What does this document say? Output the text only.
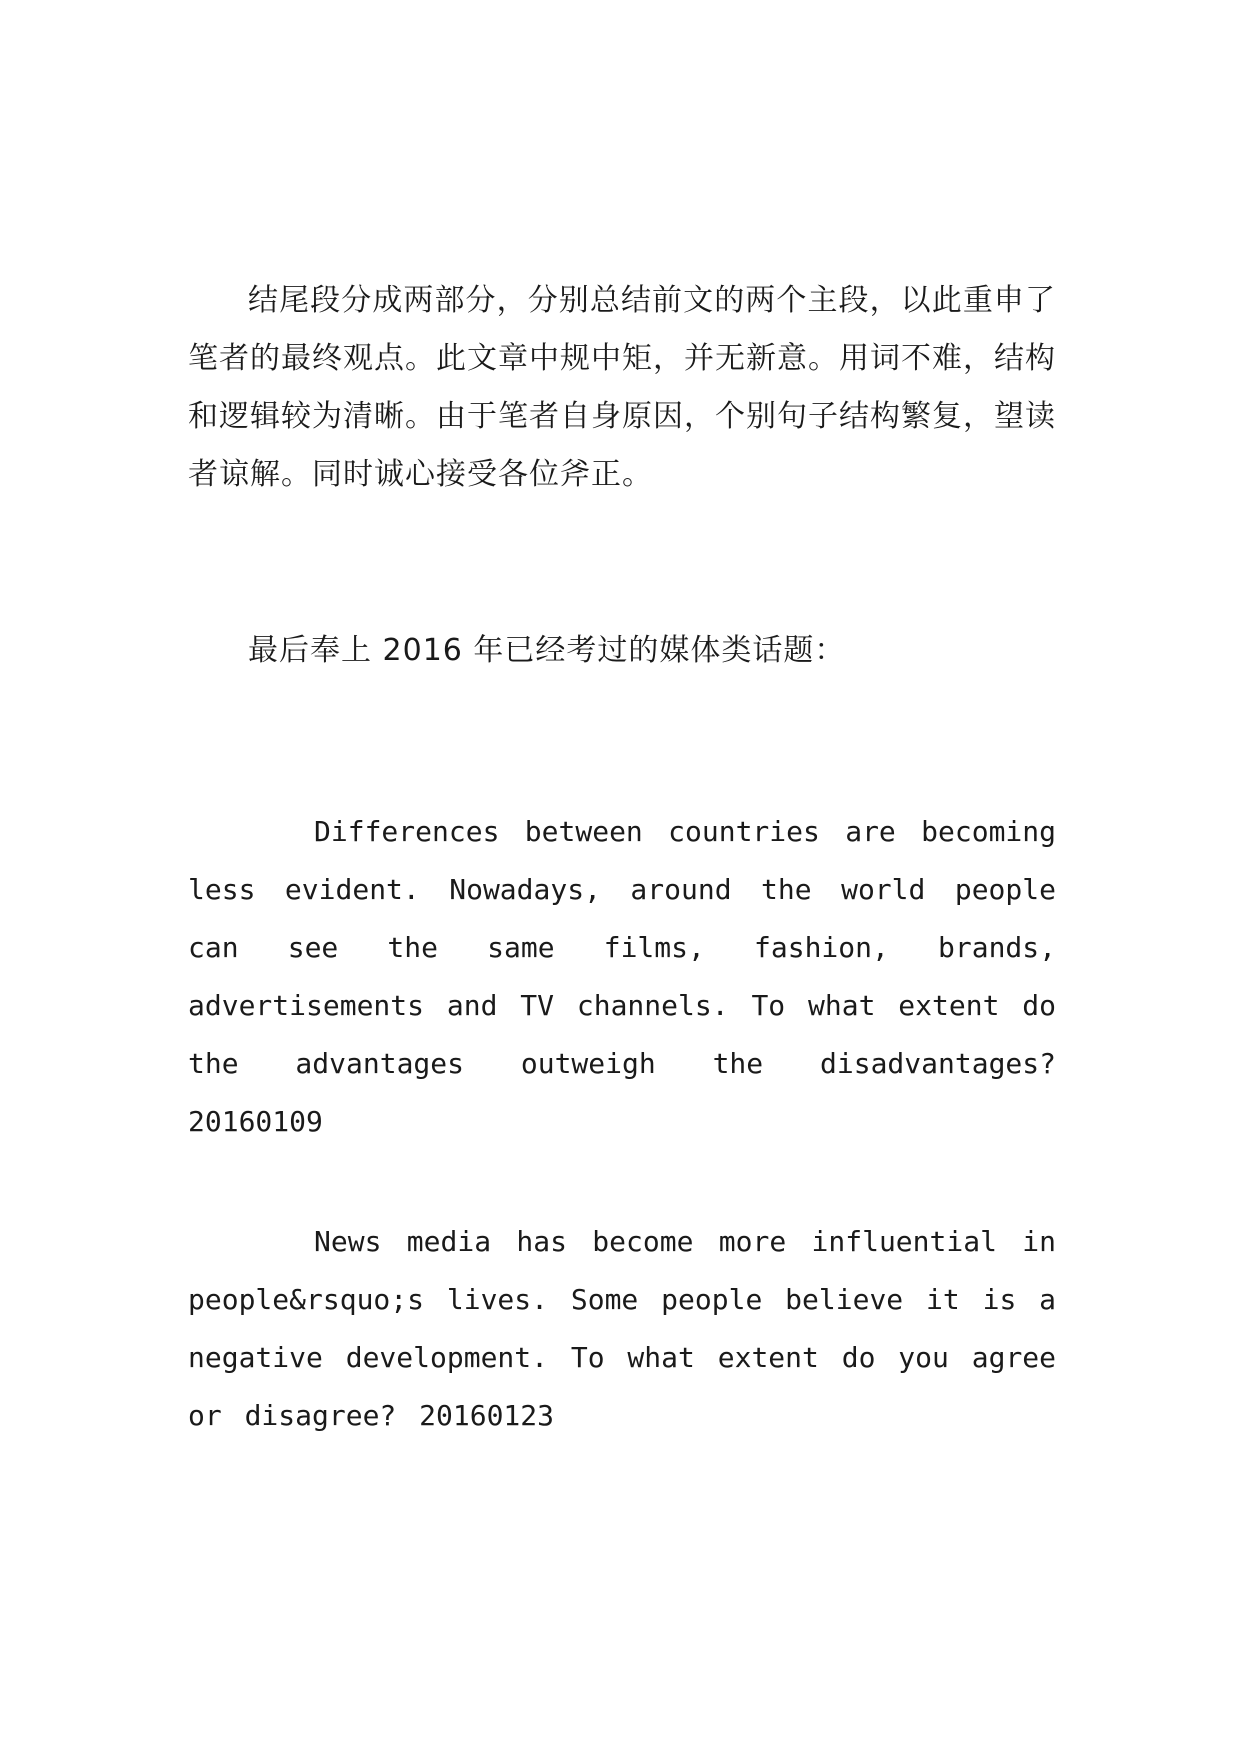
结尾段分成两部分，分别总结前文的两个主段，以此重申了笔者的最终观点。此文章中规中矩，并无新意。用词不难，结构和逻辑较为清晰。由于笔者自身原因，个别句子结构繁复，望读者谅解。同时诚心接受各位斧正。

最后奉上 2016 年已经考过的媒体类话题：

Differences between countries are becoming less evident. Nowadays, around the world people can see the same films, fashion, brands, advertisements and TV channels. To what extent do the advantages outweigh the disadvantages? 20160109

News media has become more influential in people&rsquo;s lives. Some people believe it is a negative development. To what extent do you agree or disagree? 20160123
